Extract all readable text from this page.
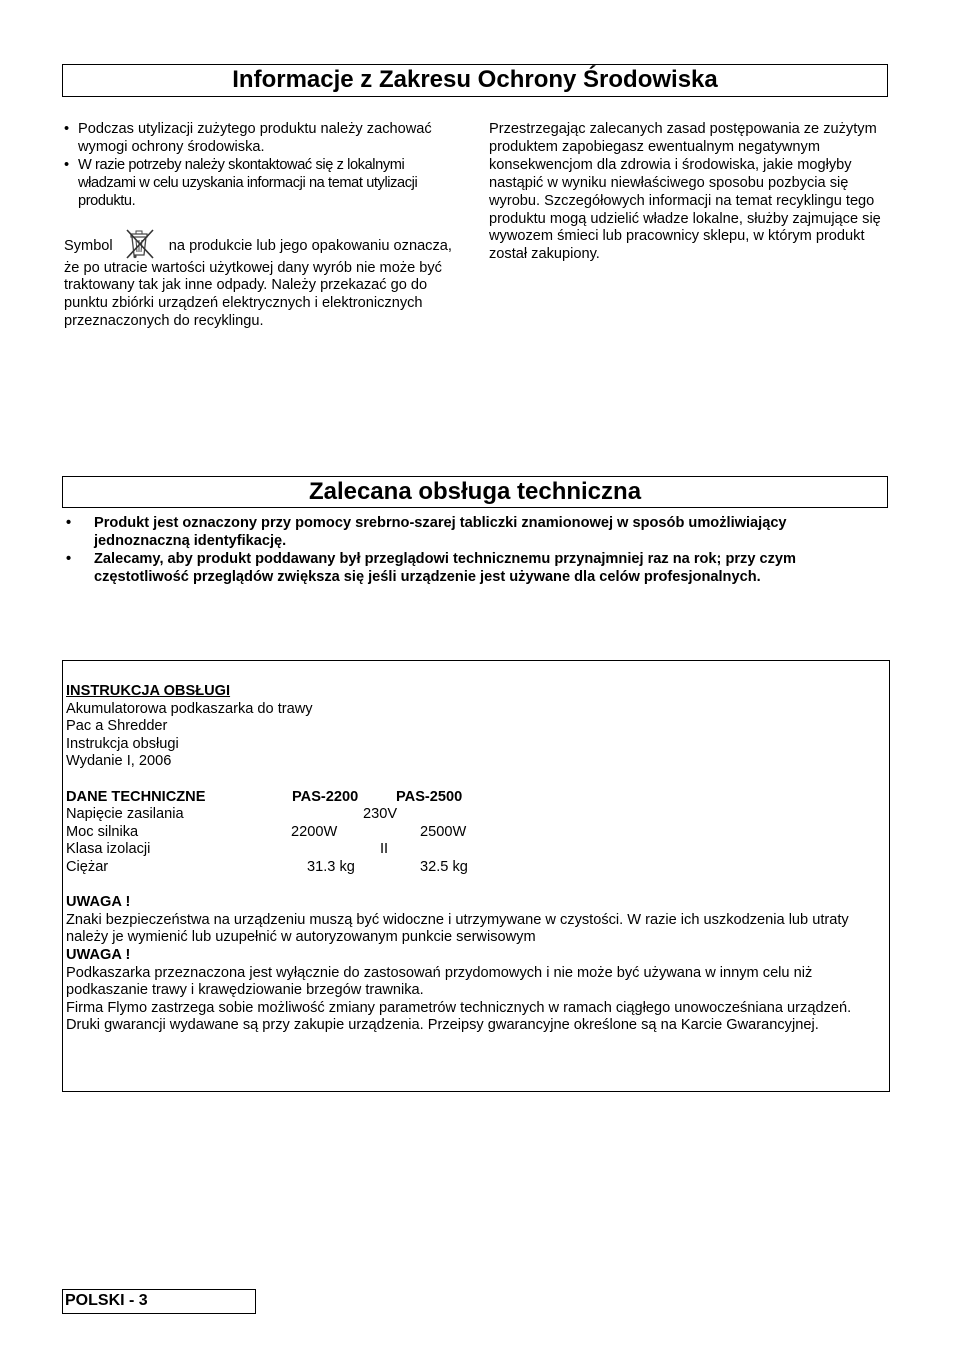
Informacje z Zakresu Ochrony Środowiska
• Podczas utylizacji zużytego produktu należy zachować wymogi ochrony środowiska.
• W razie potrzeby należy skontaktować się z lokalnymi władzami w celu uzyskania informacji na temat utylizacji produktu.

Symbol	na produkcie lub jego opakowaniu oznacza, że po utracie wartości użytkowej dany wyrób nie może być traktowany tak jak inne odpady. Należy przekazać go do punktu zbiórki urządzeń elektrycznych i elektronicznych przeznaczonych do recyklingu.

Przestrzegając zalecanych zasad postępowania ze zużytym produktem zapobiegasz ewentualnym negatywnym konsekwencjom dla zdrowia i środowiska, jakie mogłyby nastąpić w wyniku niewłaściwego sposobu pozbycia się wyrobu. Szczegółowych informacji na temat recyklingu tego produktu mogą udzielić władze lokalne, służby zajmujące się wywozem śmieci lub pracownicy sklepu, w którym produkt został zakupiony.

Zalecana obsługa techniczna
•	Produkt jest oznaczony przy pomocy srebrno-szarej tabliczki znamionowej w sposób umożliwiający jednoznaczną identyfikację.
•	Zalecamy, aby produkt poddawany był przeglądowi technicznemu przynajmniej raz na rok; przy czym częstotliwość przeglądów zwiększa się jeśli urządzenie jest używane dla celów profesjonalnych.

INSTRUKCJA OBSŁUGI

Akumulatorowa podkaszarka do trawy

Pac a Shredder

Instrukcja obsługi

Wydanie I, 2006

DANE TECHNICZNE	PAS-2200	PAS-2500
Napięcie zasilania	230V
Moc silnika	2200W	2500W
Klasa izolacji	II
Ciężar	31.3 kg	32.5 kg

UWAGA !

Znaki bezpieczeństwa na urządzeniu muszą być widoczne i utrzymywane w czystości. W razie ich uszkodzenia lub utraty należy je wymienić lub uzupełnić w autoryzowanym punkcie serwisowym

UWAGA !

Podkaszarka przeznaczona jest wyłącznie do zastosowań przydomowych i nie może być używana w innym celu niż podkaszanie trawy i krawędziowanie brzegów trawnika.

Firma Flymo zastrzega sobie możliwość zmiany parametrów technicznych w ramach ciągłego unowocześniana urządzeń.

Druki gwarancji wydawane są przy zakupie urządzenia. Przeipsy gwarancyjne określone są na Karcie Gwarancyjnej.

POLSKI - 3
